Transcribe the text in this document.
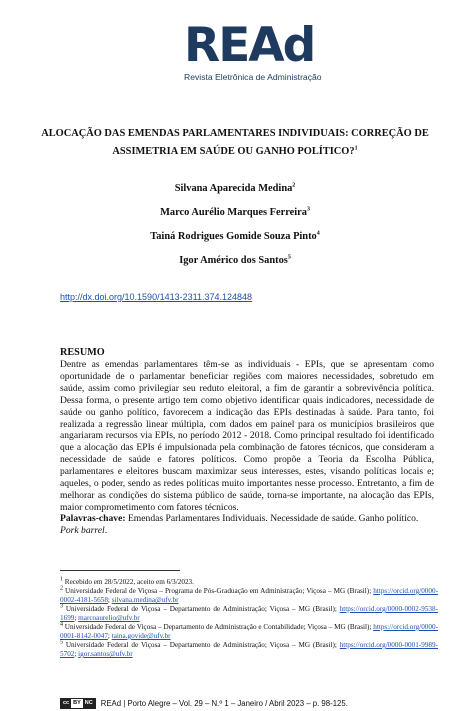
REAd
Revista Eletrônica de Administração
ALOCAÇÃO DAS EMENDAS PARLAMENTARES INDIVIDUAIS: CORREÇÃO DE
ASSIMETRIA EM SAÚDE OU GANHO POLÍTICO?$^1$
Silvana Aparecida Medina$^2$
Marco Aurélio Marques Ferreira$^3$
Tainá Rodrigues Gomide Souza Pinto$^4$
Igor Américo dos Santos$^5$
http://dx.doi.org/10.1590/1413-2311.374.124848
RESUMO
Dentre as emendas parlamentares têm-se as individuais - EPIs, que se apresentam como oportunidade de o parlamentar beneficiar regiões com maiores necessidades, sobretudo em saúde, assim como privilegiar seu reduto eleitoral, a fim de garantir a sobrevivência política. Dessa forma, o presente artigo tem como objetivo identificar quais indicadores, necessidade de saúde ou ganho político, favorecem a indicação das EPIs destinadas à saúde. Para tanto, foi realizada a regressão linear múltipla, com dados em painel para os municípios brasileiros que angariaram recursos via EPIs, no período 2012 - 2018. Como principal resultado foi identificado que a alocação das EPIs é impulsionada pela combinação de fatores técnicos, que consideram a necessidade de saúde e fatores políticos. Como propõe a Teoria da Escolha Pública, parlamentares e eleitores buscam maximizar seus interesses, estes, visando políticas locais e; aqueles, o poder, sendo as redes políticas muito importantes nesse processo. Entretanto, a fim de melhorar as condições do sistema público de saúde, torna-se importante, na alocação das EPIs, maior comprometimento com fatores técnicos.
Palavras-chave: Emendas Parlamentares Individuais. Necessidade de saúde. Ganho político. Pork barrel.

$^1$ Recebido em 28/5/2022, aceito em 6/3/2023.

$^2$ Universidade Federal de Viçosa – Programa de Pós-Graduação em Administração; Viçosa – MG (Brasil); https://orcid.org/0000-0002-4181-5658; silvana.medina@ufv.br

$^3$ Universidade Federal de Viçosa – Departamento de Administração; Viçosa – MG (Brasil); https://orcid.org/0000-0002-9538-1699; marcoaurelio@ufv.br

$^4$ Universidade Federal de Viçosa – Departamento de Administração e Contabilidade; Viçosa – MG (Brasil); https://orcid.org/0000-0001-8142-0047; taina.govide@ufv.br

$^5$ Universidade Federal de Viçosa – Departamento de Administração; Viçosa – MG (Brasil); https://orcid.org/0000-0001-9989-5702; igor.santos@ufv.br

cc BY NC REAd | Porto Alegre – Vol. 29 – N.º 1 – Janeiro / Abril 2023 – p. 98-125.
